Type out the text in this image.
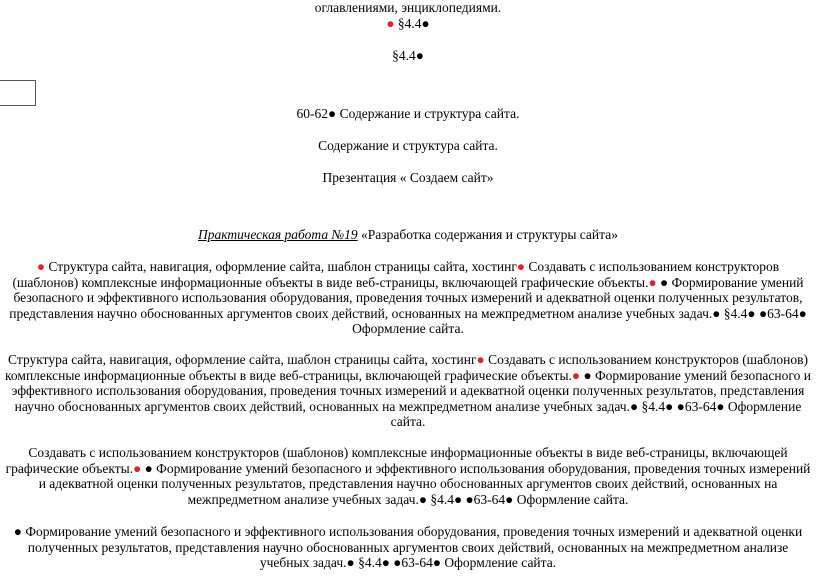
оглавлениями, энциклопедиями.
● §4.4●
§4.4●
60-62● Содержание и структура сайта.
Содержание и структура сайта.
Презентация « Создаем сайт»
Практическая работа №19 «Разработка содержания и структуры сайта»
● Структура сайта, навигация, оформление сайта, шаблон страницы сайта, хостинг● Создавать с использованием конструкторов (шаблонов) комплексные информационные объекты в виде веб-страницы, включающей графические объекты.● ● Формирование умений безопасного и эффективного использования оборудования, проведения точных измерений и адекватной оценки полученных результатов, представления научно обоснованных аргументов своих действий, основанных на межпредметном анализе учебных задач.● §4.4● ●63-64● Оформление сайта.
Структура сайта, навигация, оформление сайта, шаблон страницы сайта, хостинг● Создавать с использованием конструкторов (шаблонов) комплексные информационные объекты в виде веб-страницы, включающей графические объекты.● ● Формирование умений безопасного и эффективного использования оборудования, проведения точных измерений и адекватной оценки полученных результатов, представления научно обоснованных аргументов своих действий, основанных на межпредметном анализе учебных задач.● §4.4● ●63-64● Оформление сайта.
Создавать с использованием конструкторов (шаблонов) комплексные информационные объекты в виде веб-страницы, включающей графические объекты.● ● Формирование умений безопасного и эффективного использования оборудования, проведения точных измерений и адекватной оценки полученных результатов, представления научно обоснованных аргументов своих действий, основанных на межпредметном анализе учебных задач.● §4.4● ●63-64● Оформление сайта.
● Формирование умений безопасного и эффективного использования оборудования, проведения точных измерений и адекватной оценки полученных результатов, представления научно обоснованных аргументов своих действий, основанных на межпредметном анализе учебных задач.● §4.4● ●63-64● Оформление сайта.
